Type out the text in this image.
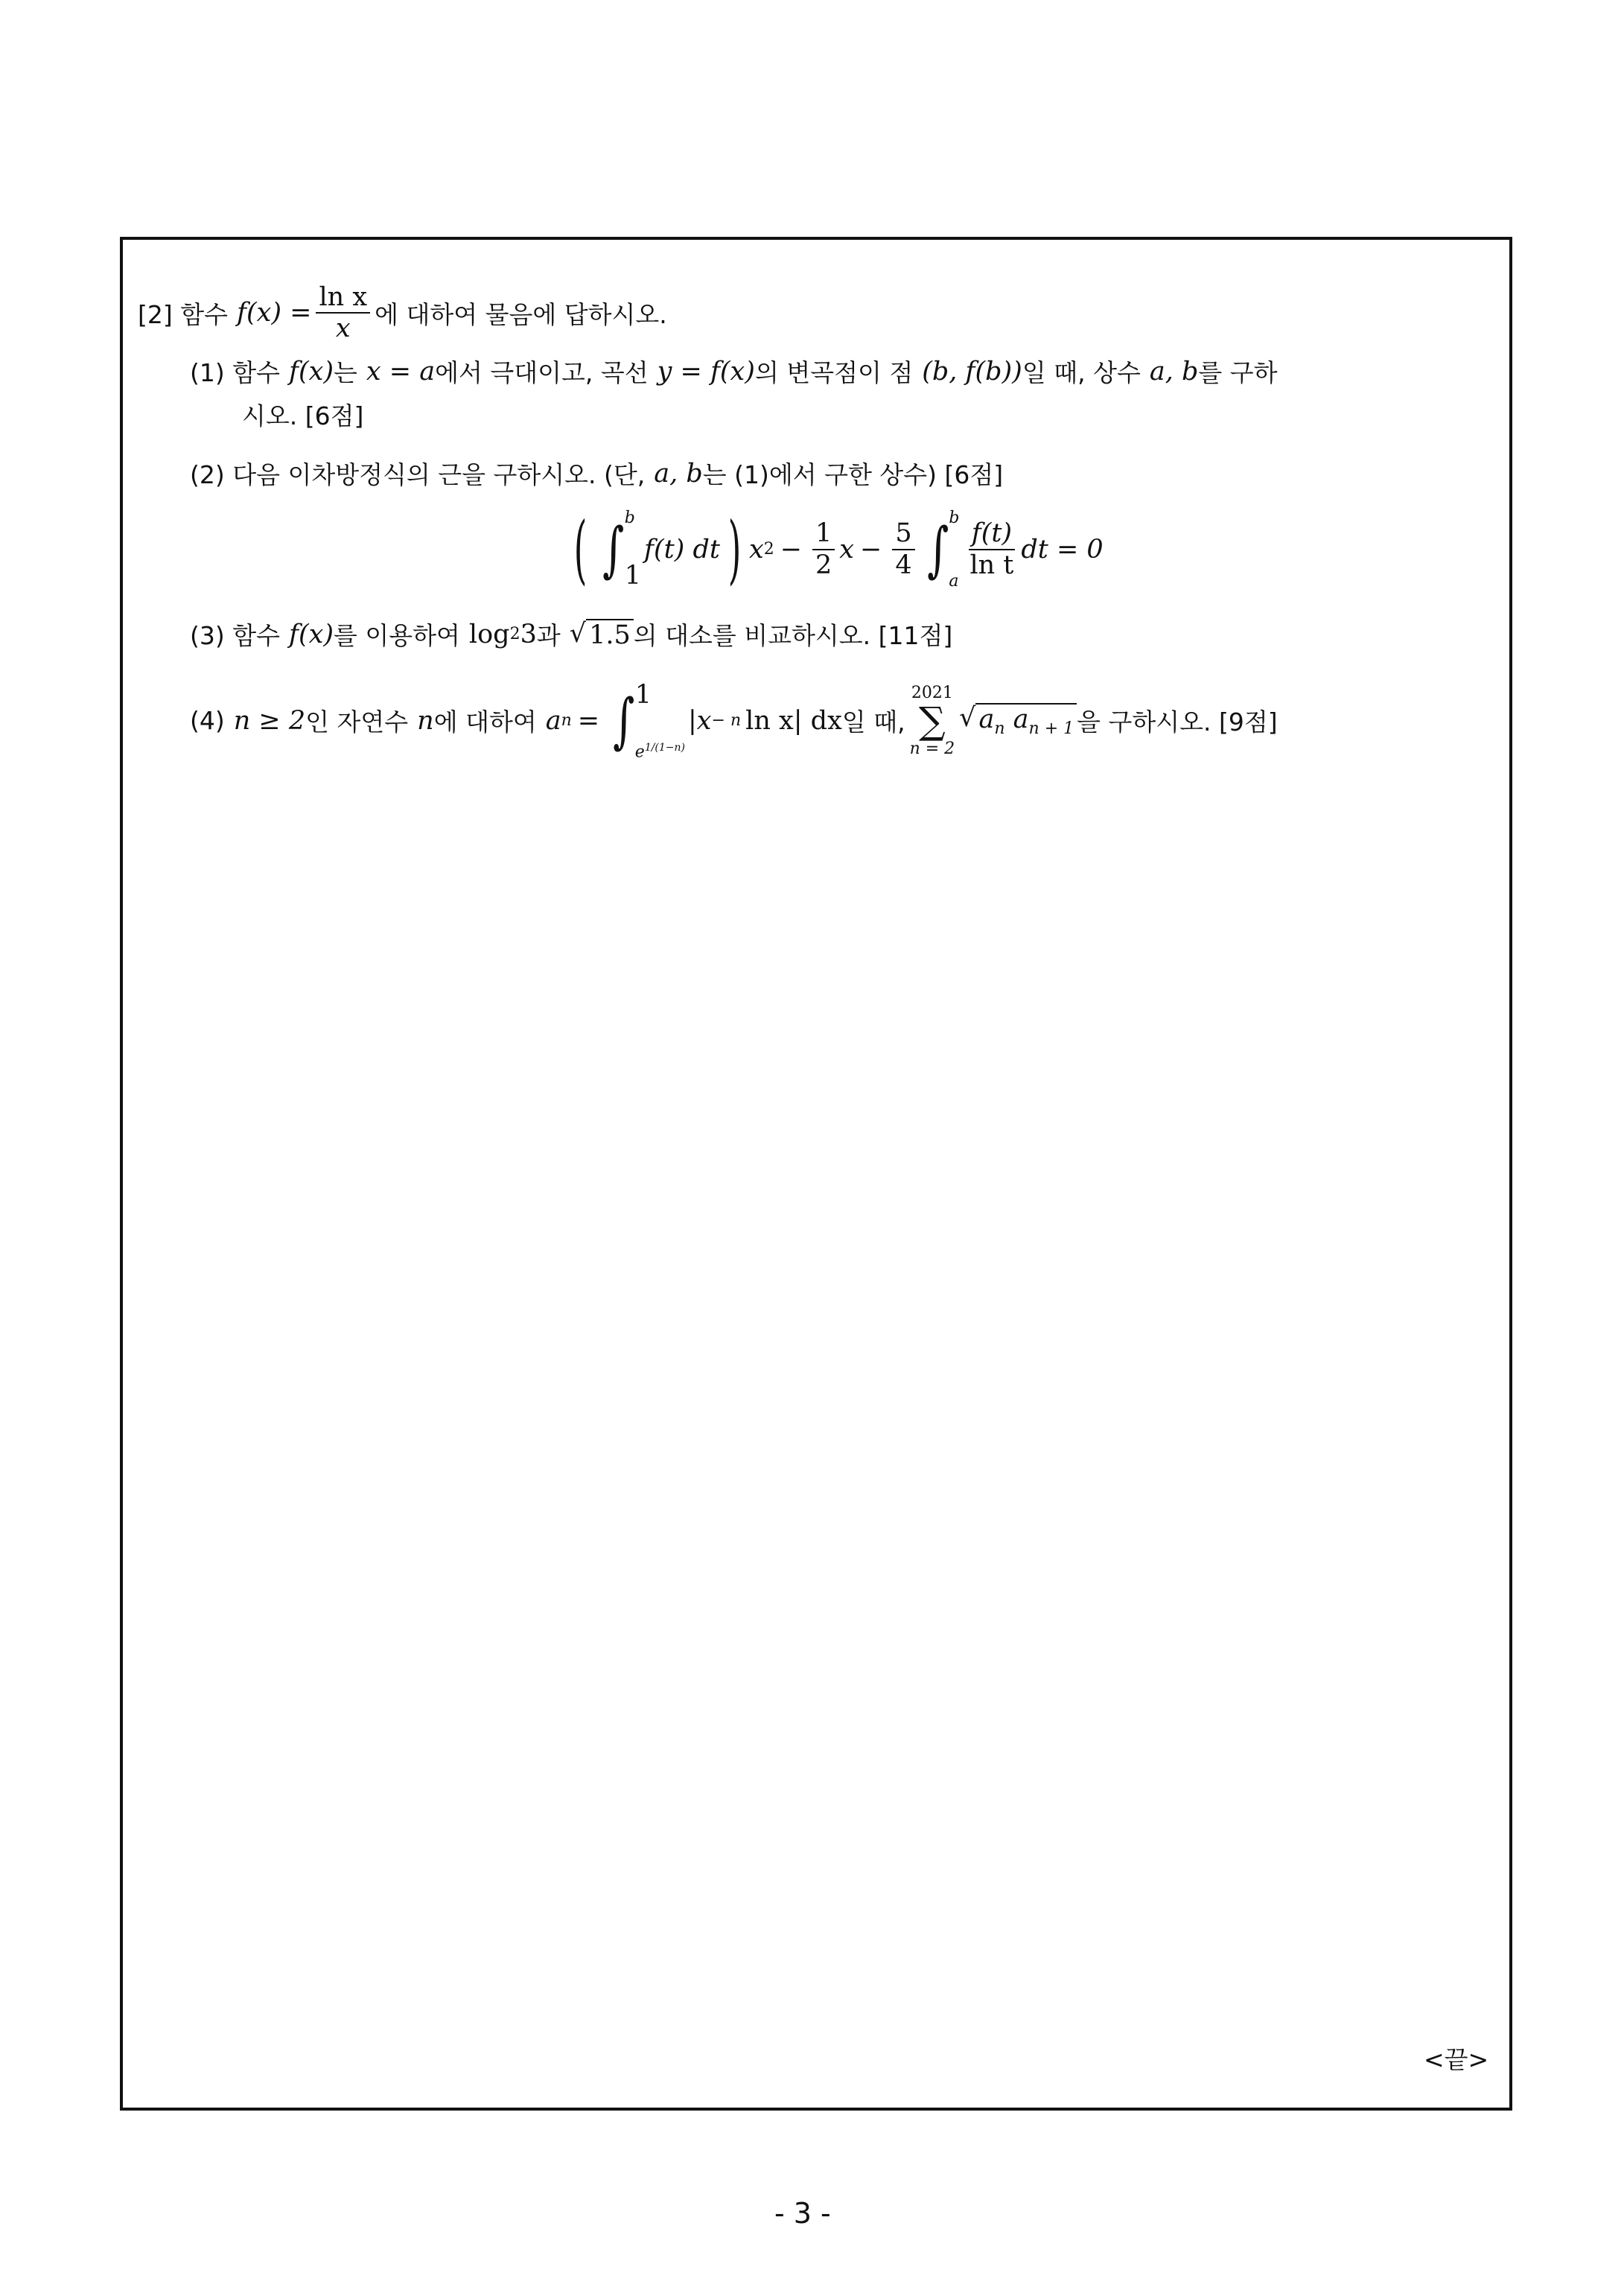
[2] 함수 $f(x) = \frac{\text{ln x}}{x}$ 에 대하여 물음에 답하시오.
(1) 함수 f(x) 는 x = a 에서 극대이고, 곡선 y = f(x) 의 변곡점이 점 (b, f(b)) 일 때, 상수 a, b 를 구하
시오. [6점]
(2) 다음 이차방정식의 근을 구하시오. (단, a, b 는 (1)에서 구한 상수) [6점]
( ∫ b
1
f(t) dt ) x $2 - \frac{1}{2}$ $x - \frac{5}{4}$ ∫ b
a
$\frac{f(t)}{\text{ln t}}$ dt = 0
(3) 함수 f(x) 를 이용하여 log 2 3 과 √ 1.5 의 대소를 비교하시오. [11점]
(4) n ≥ 2 인 자연수 n 에 대하여 a n = ∫ 1
$e^{1/(1-n)}$
|x − n ln x| dx 일 때,
2021
∑
n = 2
√ $a_n$ $a_{n + 1}$ 을 구하시오. [9점]
<끝>
- 3 -
